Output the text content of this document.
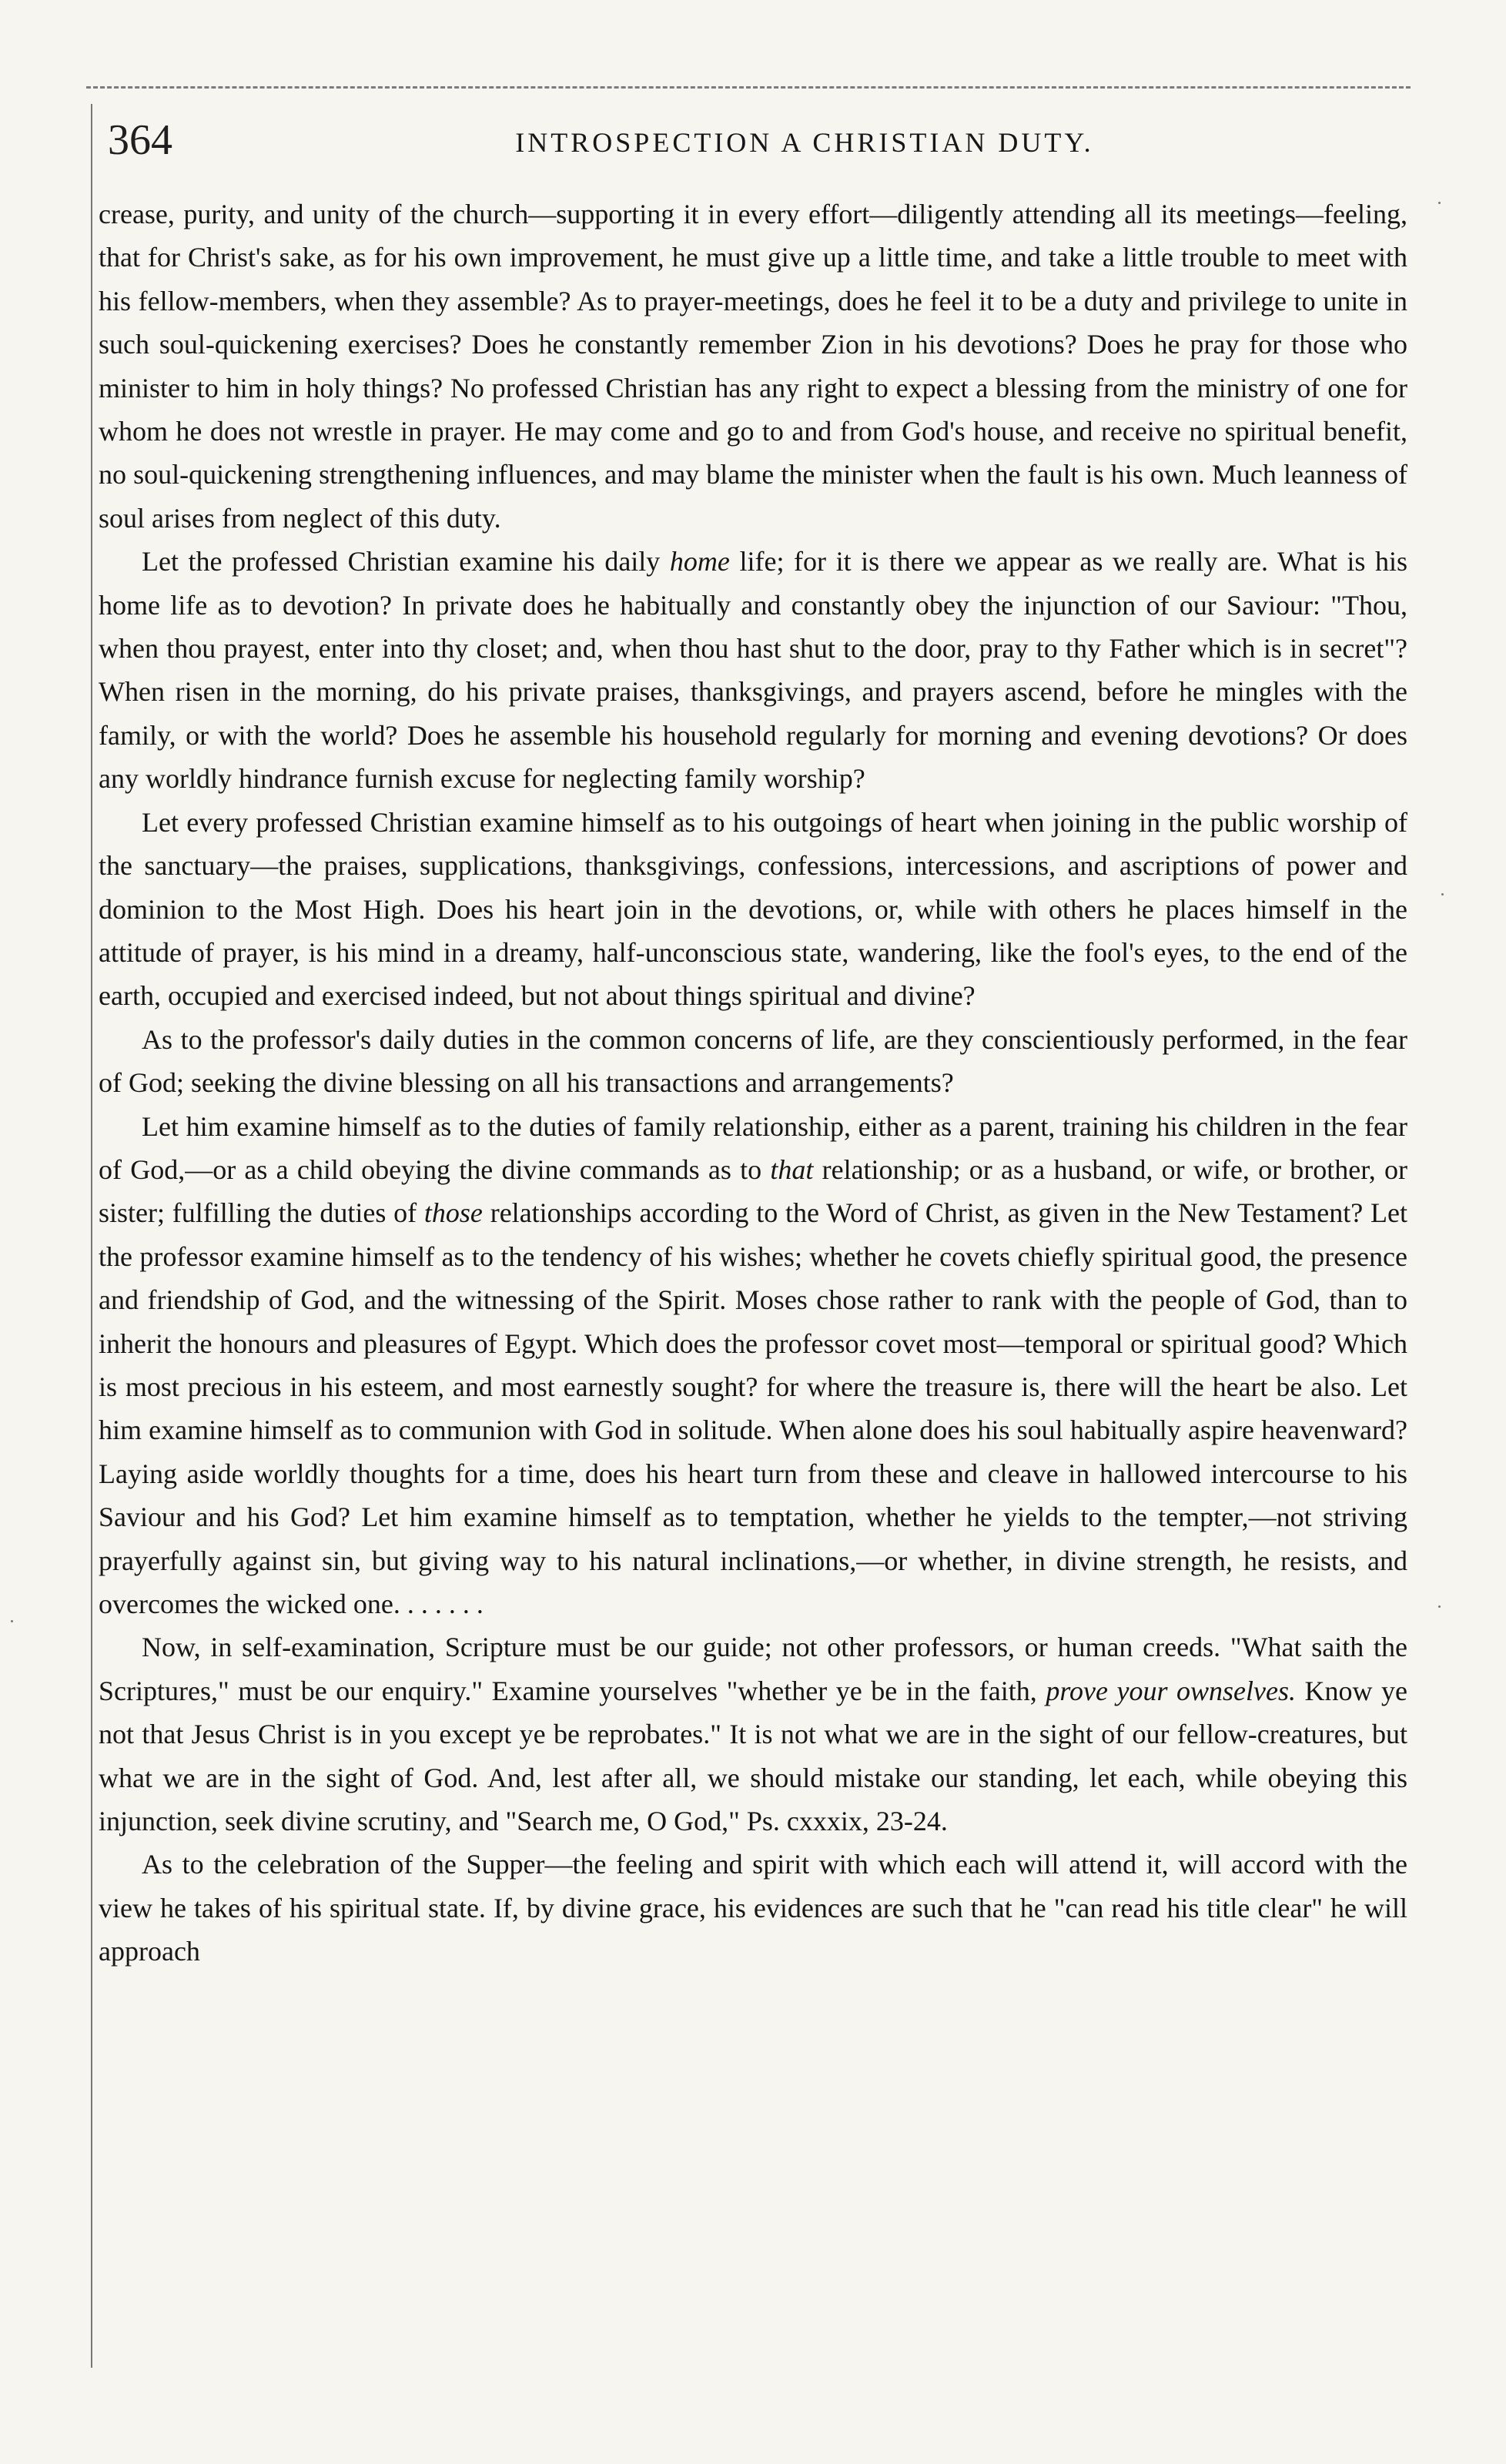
364	INTROSPECTION A CHRISTIAN DUTY.

crease, purity, and unity of the church—supporting it in every effort—diligently attending all its meetings—feeling, that for Christ's sake, as for his own improvement, he must give up a little time, and take a little trouble to meet with his fellow-members, when they assemble? As to prayer-meetings, does he feel it to be a duty and privilege to unite in such soul-quickening exercises? Does he constantly remember Zion in his devotions? Does he pray for those who minister to him in holy things? No professed Christian has any right to expect a blessing from the ministry of one for whom he does not wrestle in prayer. He may come and go to and from God's house, and receive no spiritual benefit, no soul-quickening strengthening influences, and may blame the minister when the fault is his own. Much leanness of soul arises from neglect of this duty.

Let the professed Christian examine his daily home life; for it is there we appear as we really are. What is his home life as to devotion? In private does he habitually and constantly obey the injunction of our Saviour: "Thou, when thou prayest, enter into thy closet; and, when thou hast shut to the door, pray to thy Father which is in secret"? When risen in the morning, do his private praises, thanksgivings, and prayers ascend, before he mingles with the family, or with the world? Does he assemble his household regularly for morning and evening devotions? Or does any worldly hindrance furnish excuse for neglecting family worship?

Let every professed Christian examine himself as to his outgoings of heart when joining in the public worship of the sanctuary—the praises, supplications, thanksgivings, confessions, intercessions, and ascriptions of power and dominion to the Most High. Does his heart join in the devotions, or, while with others he places himself in the attitude of prayer, is his mind in a dreamy, half-unconscious state, wandering, like the fool's eyes, to the end of the earth, occupied and exercised indeed, but not about things spiritual and divine?

As to the professor's daily duties in the common concerns of life, are they conscientiously performed, in the fear of God; seeking the divine blessing on all his transactions and arrangements?

Let him examine himself as to the duties of family relationship, either as a parent, training his children in the fear of God,—or as a child obeying the divine commands as to that relationship; or as a husband, or wife, or brother, or sister; fulfilling the duties of those relationships according to the Word of Christ, as given in the New Testament? Let the professor examine himself as to the tendency of his wishes; whether he covets chiefly spiritual good, the presence and friendship of God, and the witnessing of the Spirit. Moses chose rather to rank with the people of God, than to inherit the honours and pleasures of Egypt. Which does the professor covet most—temporal or spiritual good? Which is most precious in his esteem, and most earnestly sought? for where the treasure is, there will the heart be also. Let him examine himself as to communion with God in solitude. When alone does his soul habitually aspire heavenward? Laying aside worldly thoughts for a time, does his heart turn from these and cleave in hallowed intercourse to his Saviour and his God? Let him examine himself as to temptation, whether he yields to the tempter,—not striving prayerfully against sin, but giving way to his natural inclinations,—or whether, in divine strength, he resists, and overcomes the wicked one. . . . . . .

Now, in self-examination, Scripture must be our guide; not other professors, or human creeds. "What saith the Scriptures," must be our enquiry." Examine yourselves "whether ye be in the faith, prove your ownselves. Know ye not that Jesus Christ is in you except ye be reprobates." It is not what we are in the sight of our fellow-creatures, but what we are in the sight of God. And, lest after all, we should mistake our standing, let each, while obeying this injunction, seek divine scrutiny, and "Search me, O God," Ps. cxxxix, 23-24.

As to the celebration of the Supper—the feeling and spirit with which each will attend it, will accord with the view he takes of his spiritual state. If, by divine grace, his evidences are such that he "can read his title clear" he will approach
